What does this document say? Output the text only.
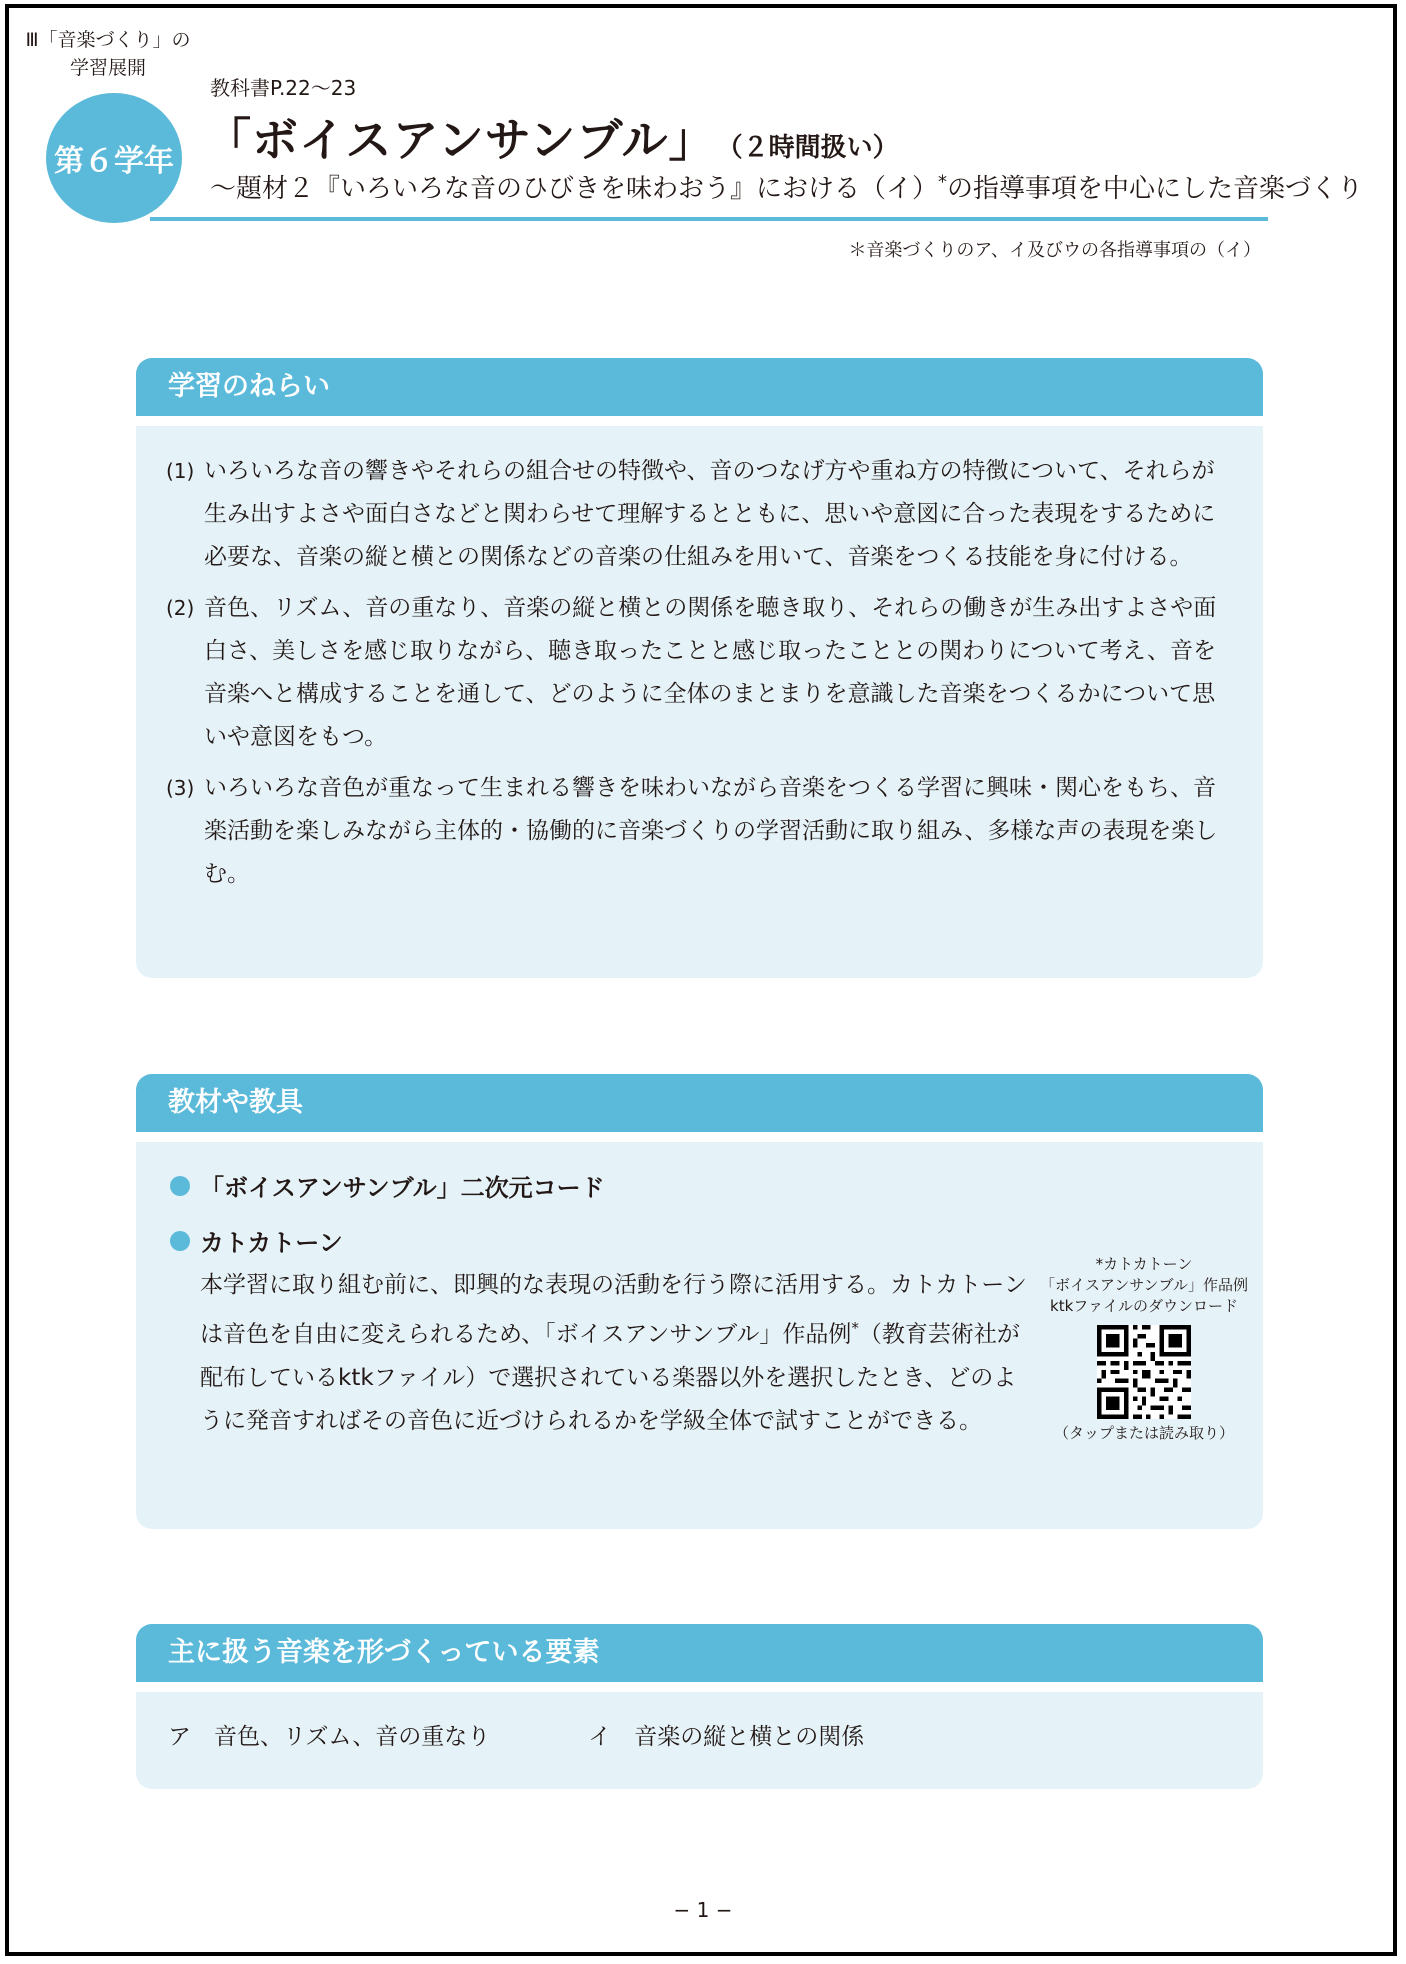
Ⅲ「音楽づくり」の
学習展開
第６学年
教科書P.22〜23
「ボイスアンサンブル」 （２時間扱い）
〜題材２『いろいろな音のひびきを味わおう』における（イ）*の指導事項を中心にした音楽づくり
＊音楽づくりのア、イ及びウの各指導事項の（イ）
学習のねらい
(1) いろいろな音の響きやそれらの組合せの特徴や、音のつなげ方や重ね方の特徴について、それらが生み出すよさや面白さなどと関わらせて理解するとともに、思いや意図に合った表現をするために必要な、音楽の縦と横との関係などの音楽の仕組みを用いて、音楽をつくる技能を身に付ける。
(2) 音色、リズム、音の重なり、音楽の縦と横との関係を聴き取り、それらの働きが生み出すよさや面白さ、美しさを感じ取りながら、聴き取ったことと感じ取ったこととの関わりについて考え、音を音楽へと構成することを通して、どのように全体のまとまりを意識した音楽をつくるかについて思いや意図をもつ。
(3) いろいろな音色が重なって生まれる響きを味わいながら音楽をつくる学習に興味・関心をもち、音楽活動を楽しみながら主体的・協働的に音楽づくりの学習活動に取り組み、多様な声の表現を楽しむ。
教材や教具
「ボイスアンサンブル」二次元コード
カトカトーン
本学習に取り組む前に、即興的な表現の活動を行う際に活用する。カトカトーンは音色を自由に変えられるため、「ボイスアンサンブル」作品例*（教育芸術社が配布しているktkファイル）で選択されている楽器以外を選択したとき、どのように発音すればその音色に近づけられるかを学級全体で試すことができる。
*カトカトーン
「ボイスアンサンブル」作品例
ktkファイルのダウンロード
（タップまたは読み取り）
主に扱う音楽を形づくっている要素
ア　音色、リズム、音の重なり	イ　音楽の縦と横との関係
− 1 −
